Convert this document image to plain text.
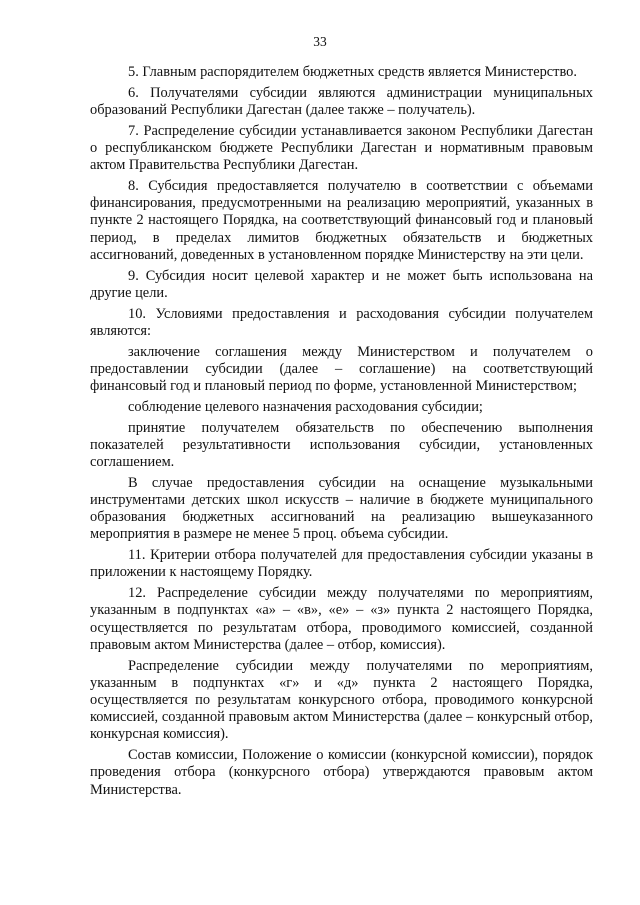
33

5. Главным распорядителем бюджетных средств является Министерство.

6. Получателями субсидии являются администрации муниципальных образований Республики Дагестан (далее также – получатель).

7. Распределение субсидии устанавливается законом Республики Дагестан о республиканском бюджете Республики Дагестан и нормативным правовым актом Правительства Республики Дагестан.

8. Субсидия предоставляется получателю в соответствии с объемами финансирования, предусмотренными на реализацию мероприятий, указанных в пункте 2 настоящего Порядка, на соответствующий финансовый год и плановый период, в пределах лимитов бюджетных обязательств и бюджетных ассигнований, доведенных в установленном порядке Министерству на эти цели.

9. Субсидия носит целевой характер и не может быть использована на другие цели.

10. Условиями предоставления и расходования субсидии получателем являются:

заключение соглашения между Министерством и получателем о предоставлении субсидии (далее – соглашение) на соответствующий финансовый год и плановый период по форме, установленной Министерством;

соблюдение целевого назначения расходования субсидии;

принятие получателем обязательств по обеспечению выполнения показателей результативности использования субсидии, установленных соглашением.

В случае предоставления субсидии на оснащение музыкальными инструментами детских школ искусств – наличие в бюджете муниципального образования бюджетных ассигнований на реализацию вышеуказанного мероприятия в размере не менее 5 проц. объема субсидии.

11. Критерии отбора получателей для предоставления субсидии указаны в приложении к настоящему Порядку.

12. Распределение субсидии между получателями по мероприятиям, указанным в подпунктах «а» – «в», «е» – «з» пункта 2 настоящего Порядка, осуществляется по результатам отбора, проводимого комиссией, созданной правовым актом Министерства (далее – отбор, комиссия).

Распределение субсидии между получателями по мероприятиям, указанным в подпунктах «г» и «д» пункта 2 настоящего Порядка, осуществляется по результатам конкурсного отбора, проводимого конкурсной комиссией, созданной правовым актом Министерства (далее – конкурсный отбор, конкурсная комиссия).

Состав комиссии, Положение о комиссии (конкурсной комиссии), порядок проведения отбора (конкурсного отбора) утверждаются правовым актом Министерства.
